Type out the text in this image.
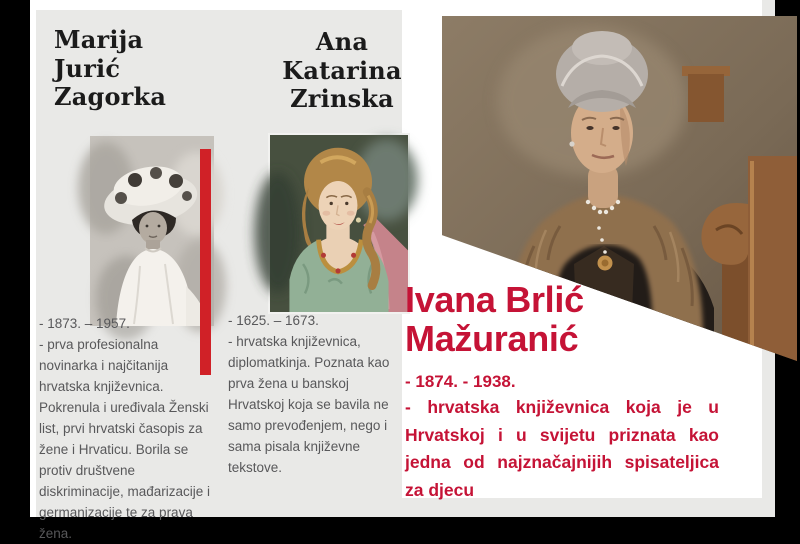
Marija
Jurić
Zagorka
- 1873. – 1957.
- prva profesionalna novinarka i najčitanija hrvatska književnica. Pokrenula i uređivala Ženski list, prvi hrvatski časopis za žene i Hrvaticu. Borila se protiv društvene diskriminacije, mađarizacije i germanizacije te za prava žena.
Ana
Katarina
Zrinska
- 1625. – 1673.
- hrvatska književnica, diplomatkinja. Poznata kao prva žena u banskoj Hrvatskoj koja se bavila ne samo prevođenjem, nego i sama pisala književne tekstove.
Ivana Brlić
Mažuranić
- 1874. - 1938.

- hrvatska književnica koja je u Hrvatskoj i u svijetu priznata kao jedna od najznačajnijih spisateljica za djecu
